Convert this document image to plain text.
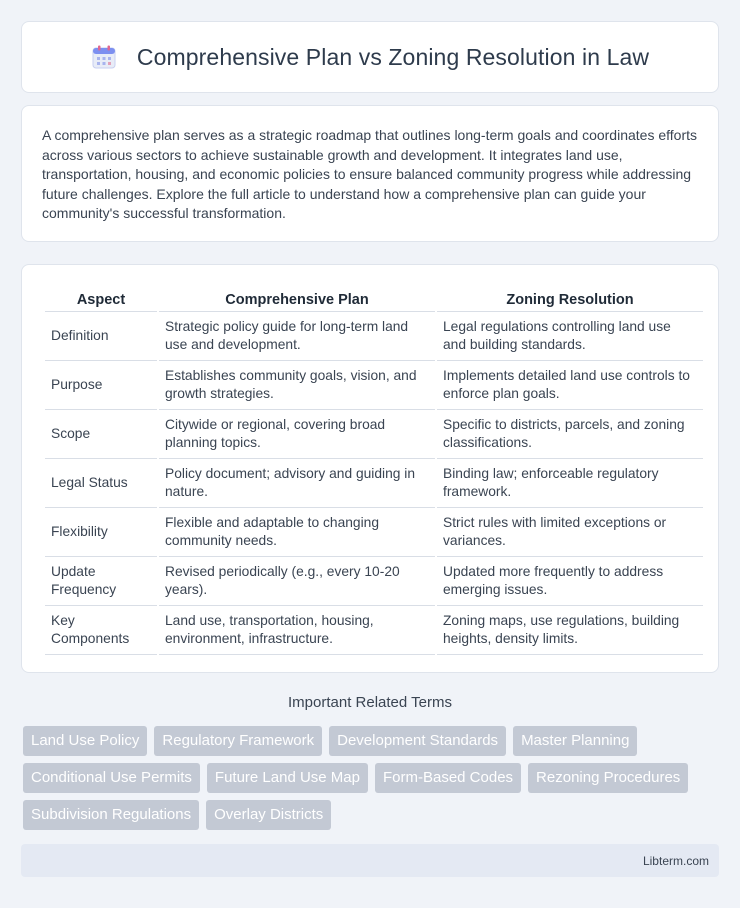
Comprehensive Plan vs Zoning Resolution in Law

A comprehensive plan serves as a strategic roadmap that outlines long-term goals and coordinates efforts across various sectors to achieve sustainable growth and development. It integrates land use, transportation, housing, and economic policies to ensure balanced community progress while addressing future challenges. Explore the full article to understand how a comprehensive plan can guide your community's successful transformation.

Aspect	Comprehensive Plan	Zoning Resolution
Definition	Strategic policy guide for long-term land use and development.	Legal regulations controlling land use and building standards.
Purpose	Establishes community goals, vision, and growth strategies.	Implements detailed land use controls to enforce plan goals.
Scope	Citywide or regional, covering broad planning topics.	Specific to districts, parcels, and zoning classifications.
Legal Status	Policy document; advisory and guiding in nature.	Binding law; enforceable regulatory framework.
Flexibility	Flexible and adaptable to changing community needs.	Strict rules with limited exceptions or variances.
Update Frequency	Revised periodically (e.g., every 10-20 years).	Updated more frequently to address emerging issues.
Key Components	Land use, transportation, housing, environment, infrastructure.	Zoning maps, use regulations, building heights, density limits.
Important Related Terms
Land Use Policy	Regulatory Framework	Development Standards	Master Planning
Conditional Use Permits	Future Land Use Map	Form-Based Codes	Rezoning Procedures
Subdivision Regulations	Overlay Districts
Libterm.com
